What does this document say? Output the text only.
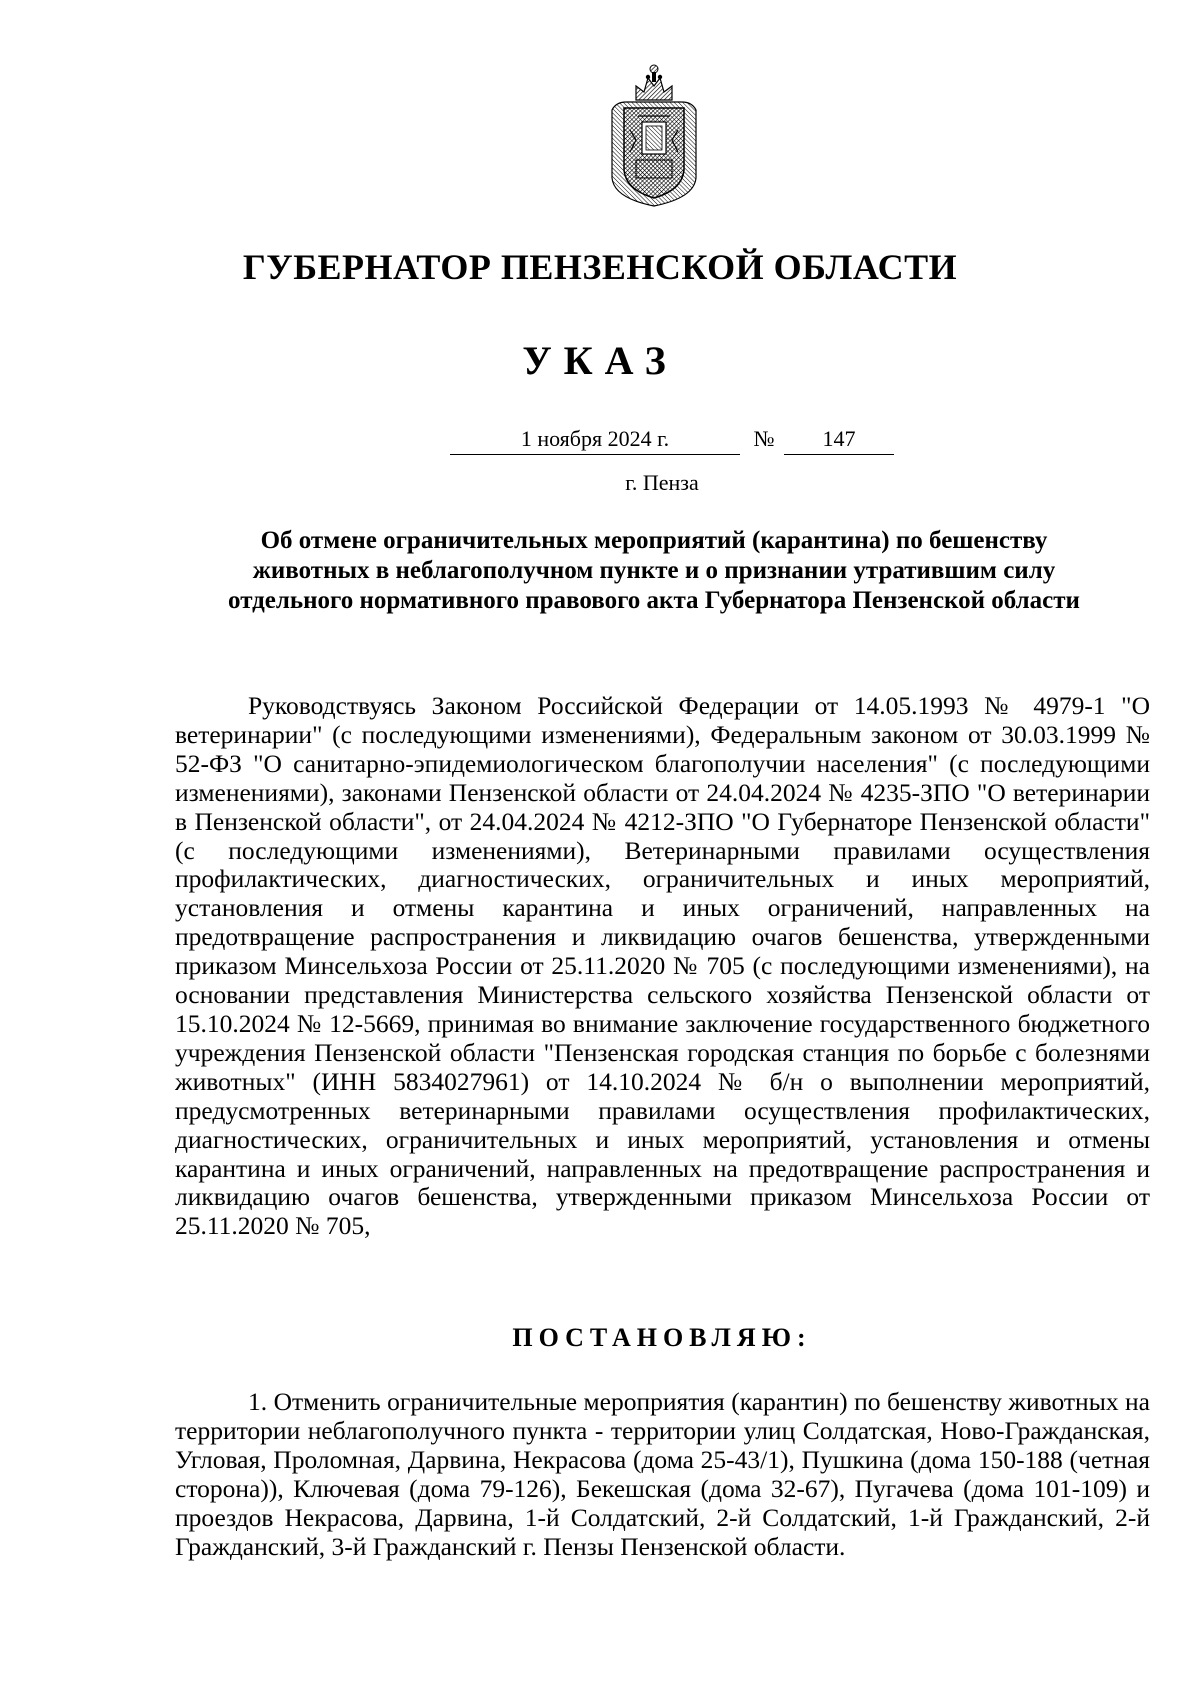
ГУБЕРНАТОР ПЕНЗЕНСКОЙ ОБЛАСТИ
УКАЗ
1 ноября 2024 г.	№	147
г. Пенза
Об отмене ограничительных мероприятий (карантина) по бешенству животных в неблагополучном пункте и о признании утратившим силу отдельного нормативного правового акта Губернатора Пензенской области

Руководствуясь Законом Российской Федерации от 14.05.1993 № 4979-1 "О ветеринарии" (с последующими изменениями), Федеральным законом от 30.03.1999 № 52-ФЗ "О санитарно-эпидемиологическом благополучии населения" (с последующими изменениями), законами Пензенской области от 24.04.2024 № 4235-ЗПО "О ветеринарии в Пензенской области", от 24.04.2024 № 4212-ЗПО "О Губернаторе Пензенской области" (с последующими изменениями), Ветеринарными правилами осуществления профилактических, диагностических, ограничительных и иных мероприятий, установления и отмены карантина и иных ограничений, направленных на предотвращение распространения и ликвидацию очагов бешенства, утвержденными приказом Минсельхоза России от 25.11.2020 № 705 (с последующими изменениями), на основании представления Министерства сельского хозяйства Пензенской области от 15.10.2024 № 12-5669, принимая во внимание заключение государственного бюджетного учреждения Пензенской области "Пензенская городская станция по борьбе с болезнями животных" (ИНН 5834027961) от 14.10.2024 № б/н о выполнении мероприятий, предусмотренных ветеринарными правилами осуществления профилактических, диагностических, ограничительных и иных мероприятий, установления и отмены карантина и иных ограничений, направленных на предотвращение распространения и ликвидацию очагов бешенства, утвержденными приказом Минсельхоза России от 25.11.2020 № 705,

ПОСТАНОВЛЯЮ:

1. Отменить ограничительные мероприятия (карантин) по бешенству животных на территории неблагополучного пункта - территории улиц Солдатская, Ново-Гражданская, Угловая, Проломная, Дарвина, Некрасова (дома 25-43/1), Пушкина (дома 150-188 (четная сторона)), Ключевая (дома 79-126), Бекешская (дома 32-67), Пугачева (дома 101-109) и проездов Некрасова, Дарвина, 1-й Солдатский, 2-й Солдатский, 1-й Гражданский, 2-й Гражданский, 3-й Гражданский г. Пензы Пензенской области.
